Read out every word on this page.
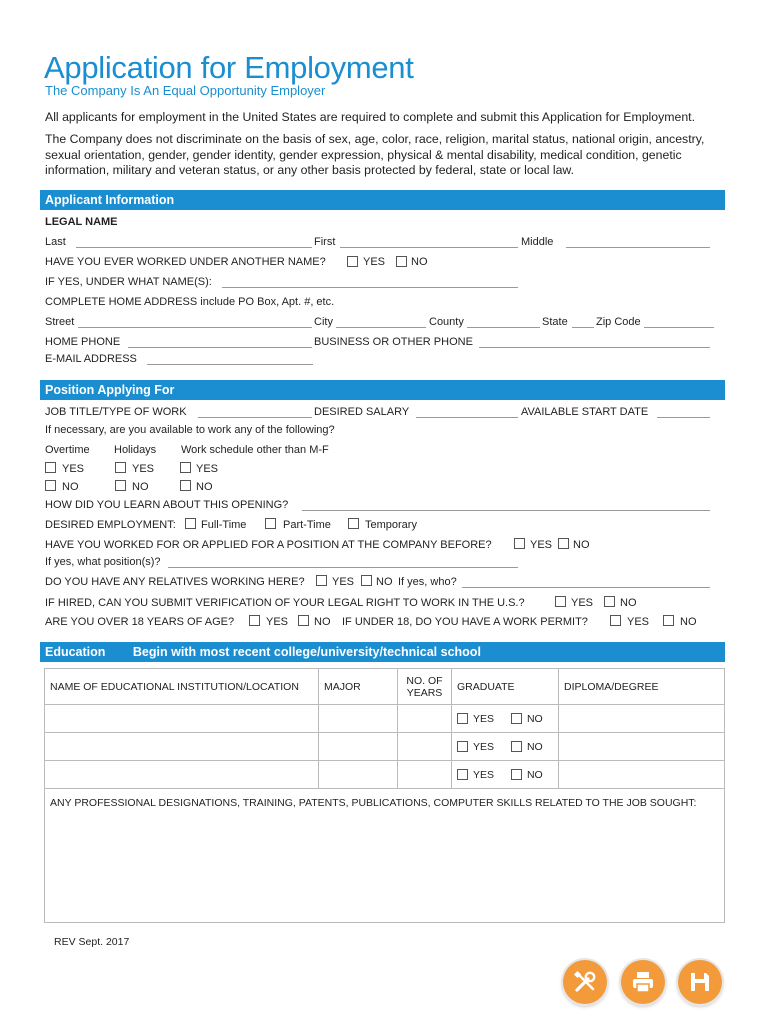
Application for Employment
The Company Is An Equal Opportunity Employer
All applicants for employment in the United States are required to complete and submit this Application for Employment.
The Company does not discriminate on the basis of sex, age, color, race, religion, marital status, national origin, ancestry, sexual orientation, gender, gender identity, gender expression, physical & mental disability, medical condition, genetic information, military and veteran status, or any other basis protected by federal, state or local law.
Applicant Information
LEGAL NAME
Last	First	Middle
HAVE YOU EVER WORKED UNDER ANOTHER NAME?	YES NO
IF YES, UNDER WHAT NAME(S):
COMPLETE HOME ADDRESS include PO Box, Apt. #, etc.
Street	City	County	State	Zip Code
HOME PHONE	BUSINESS OR OTHER PHONE
E-MAIL ADDRESS
Position Applying For
JOB TITLE/TYPE OF WORK	DESIRED SALARY	AVAILABLE START DATE
If necessary, are you available to work any of the following?
Overtime Holidays Work schedule other than M-F
YES	YES	YES
NO	NO	NO
HOW DID YOU LEARN ABOUT THIS OPENING?
DESIRED EMPLOYMENT: Full-Time	Part-Time	Temporary
HAVE YOU WORKED FOR OR APPLIED FOR A POSITION AT THE COMPANY BEFORE?	YES NO
If yes, what position(s)?
DO YOU HAVE ANY RELATIVES WORKING HERE? YES NO If yes, who?
IF HIRED, CAN YOU SUBMIT VERIFICATION OF YOUR LEGAL RIGHT TO WORK IN THE U.S.?	YES NO
ARE YOU OVER 18 YEARS OF AGE?	YES NO IF UNDER 18, DO YOU HAVE A WORK PERMIT?	YES	NO
Education Begin with most recent college/university/technical school
NAME OF EDUCATIONAL INSTITUTION/LOCATION	MAJOR	NO. OF YEARS	GRADUATE	DIPLOMA/DEGREE
			YES NO	
			YES NO	
			YES NO	
ANY PROFESSIONAL DESIGNATIONS, TRAINING, PATENTS, PUBLICATIONS, COMPUTER SKILLS RELATED TO THE JOB SOUGHT:				
REV Sept. 2017
